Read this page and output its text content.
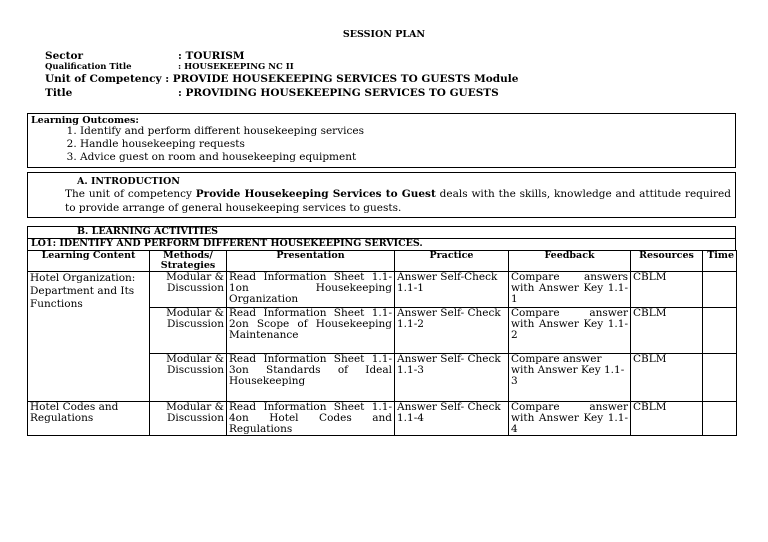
SESSION PLAN
Sector	: TOURISM
Qualification Title	: HOUSEKEEPING NC II
Unit of Competency : PROVIDE HOUSEKEEPING SERVICES TO GUESTS Module
Title	: PROVIDING HOUSEKEEPING SERVICES TO GUESTS
Learning Outcomes:
1. Identify and perform different housekeeping services
2. Handle housekeeping requests
3. Advice guest on room and housekeeping equipment
A. INTRODUCTION
The unit of competency Provide Housekeeping Services to Guest deals with the skills, knowledge and attitude required to provide arrange of general housekeeping services to guests.
B. LEARNING ACTIVITIES
LO1: IDENTIFY AND PERFORM DIFFERENT HOUSEKEEPING SERVICES.
Learning Content	Methods/ Strategies	Presentation	Practice	Feedback	Resources	Time
Hotel Organization: Department and Its Functions	Modular & Discussion	Read Information Sheet 1.1-1on Housekeeping Organization	Answer Self-Check 1.1-1	Compare answers with Answer Key 1.1-1	CBLM	
	Modular & Discussion	Read Information Sheet 1.1-2on Scope of Housekeeping Maintenance	Answer Self- Check 1.1-2	Compare answer with Answer Key 1.1-2	CBLM	
	Modular & Discussion	Read Information Sheet 1.1-3on Standards of Ideal Housekeeping	Answer Self- Check 1.1-3	Compare answer with Answer Key 1.1-3	CBLM	
Hotel Codes and Regulations	Modular & Discussion	Read Information Sheet 1.1-4on Hotel Codes and Regulations	Answer Self- Check 1.1-4	Compare answer with Answer Key 1.1-4	CBLM	
